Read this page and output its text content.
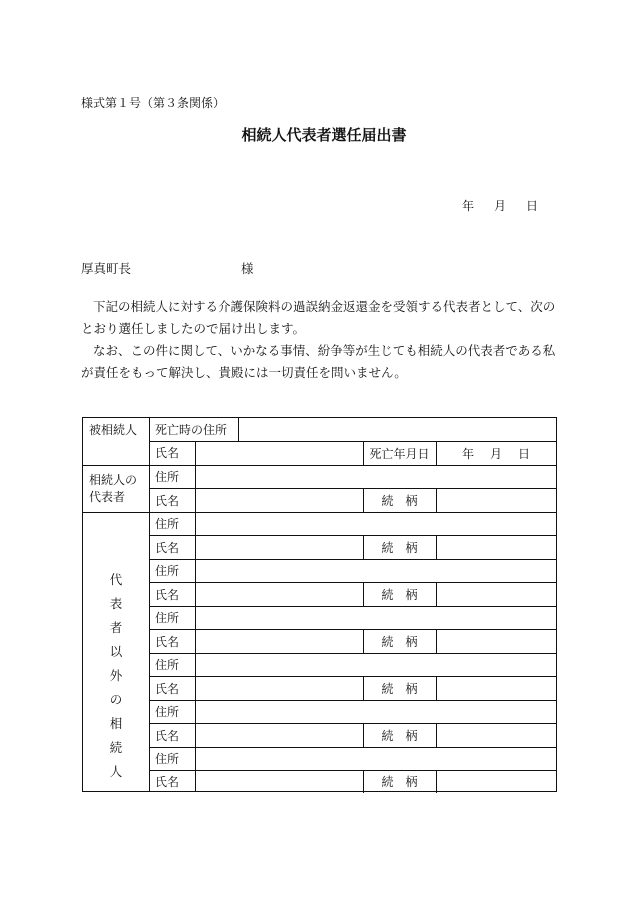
様式第１号（第３条関係）
相続人代表者選任届出書
年 月 日
厚真町長	様

下記の相続人に対する介護保険料の過誤納金返還金を受領する代表者として、次のとおり選任しましたので届け出します。

なお、この件に関して、いかなる事情、紛争等が生じても相続人の代表者である私が責任をもって解決し、貴殿には一切責任を問いません。

被相続人	死亡時の住所
氏名	死亡年月日	年 月 日
相続人の
代表者
住所
氏名	続　柄
代
表
者
以
外
の
相
続
人
住所
氏名	続　柄
住所
氏名	続　柄
住所
氏名	続　柄
住所
氏名	続　柄
住所
氏名	続　柄
住所
氏名	続　柄
